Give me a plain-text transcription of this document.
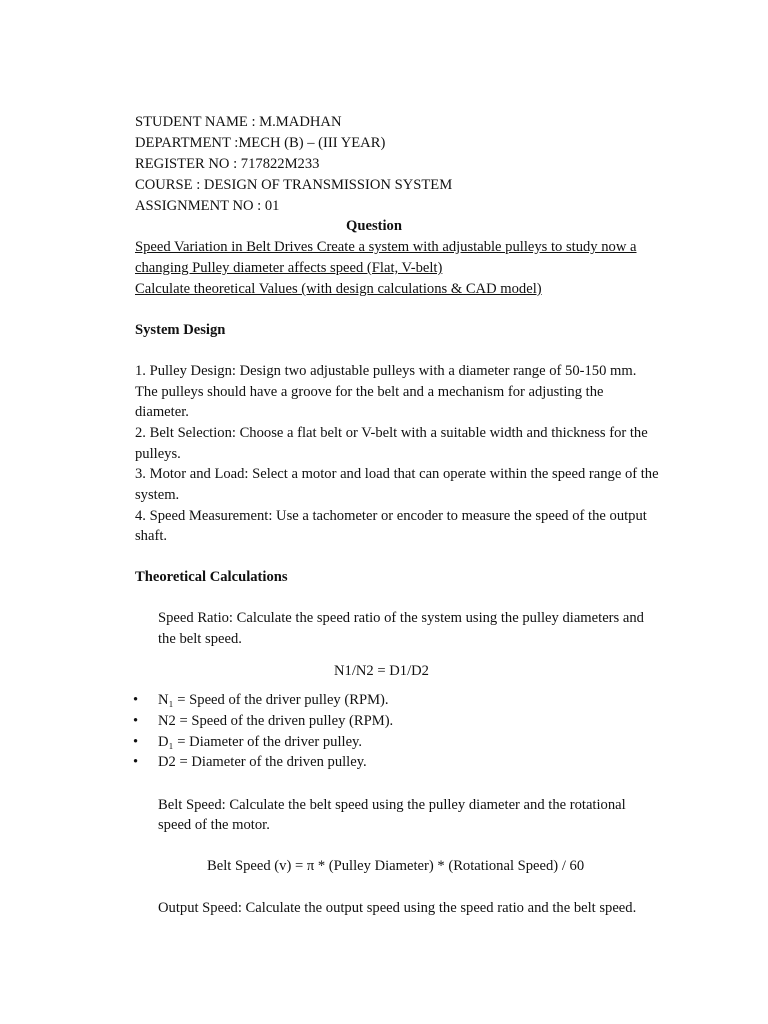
STUDENT NAME : M.MADHAN
DEPARTMENT :MECH (B) – (III YEAR)
REGISTER NO : 717822M233
COURSE : DESIGN OF TRANSMISSION SYSTEM
ASSIGNMENT NO : 01
Question
Speed Variation in Belt Drives Create a system with adjustable pulleys to study now a
changing Pulley diameter affects speed (Flat, V-belt)
Calculate theoretical Values (with design calculations & CAD model)
System Design
1. Pulley Design: Design two adjustable pulleys with a diameter range of 50-150 mm.
The pulleys should have a groove for the belt and a mechanism for adjusting the
diameter.
2. Belt Selection: Choose a flat belt or V-belt with a suitable width and thickness for the
pulleys.
3. Motor and Load: Select a motor and load that can operate within the speed range of the
system.
4. Speed Measurement: Use a tachometer or encoder to measure the speed of the output
shaft.
Theoretical Calculations
Speed Ratio: Calculate the speed ratio of the system using the pulley diameters and
the belt speed.
N1/N2 = D1/D2
• N₁ = Speed of the driver pulley (RPM).
• N2 = Speed of the driven pulley (RPM).
• D₁ = Diameter of the driver pulley.
• D2 = Diameter of the driven pulley.
Belt Speed: Calculate the belt speed using the pulley diameter and the rotational
speed of the motor.
Belt Speed (v) = π * (Pulley Diameter) * (Rotational Speed) / 60
Output Speed: Calculate the output speed using the speed ratio and the belt speed.
